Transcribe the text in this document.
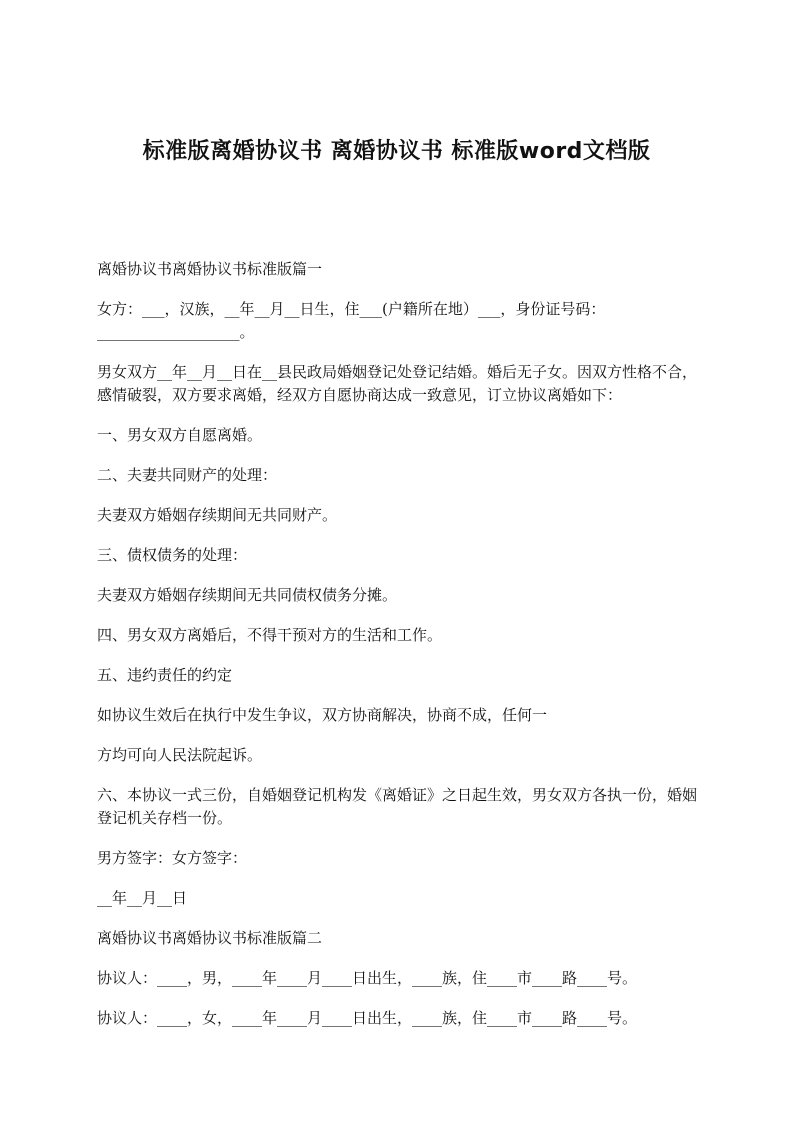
标准版离婚协议书 离婚协议书 标准版word文档版

离婚协议书离婚协议书标准版篇一

女方：___，汉族，__年__月__日生，住___(户籍所在地）___，身份证号码：___________________。

男女双方__年__月__日在__县民政局婚姻登记处登记结婚。婚后无子女。因双方性格不合，感情破裂，双方要求离婚，经双方自愿协商达成一致意见，订立协议离婚如下：

一、男女双方自愿离婚。

二、夫妻共同财产的处理：

夫妻双方婚姻存续期间无共同财产。

三、债权债务的处理：

夫妻双方婚姻存续期间无共同债权债务分摊。

四、男女双方离婚后，不得干预对方的生活和工作。

五、违约责任的约定

如协议生效后在执行中发生争议，双方协商解决，协商不成，任何一

方均可向人民法院起诉。

六、本协议一式三份，自婚姻登记机构发《离婚证》之日起生效，男女双方各执一份，婚姻登记机关存档一份。

男方签字：女方签字：

__年__月__日

离婚协议书离婚协议书标准版篇二

协议人：____，男，____年____月____日出生，____族，住____市____路____号。

协议人：____，女，____年____月____日出生，____族，住____市____路____号。
